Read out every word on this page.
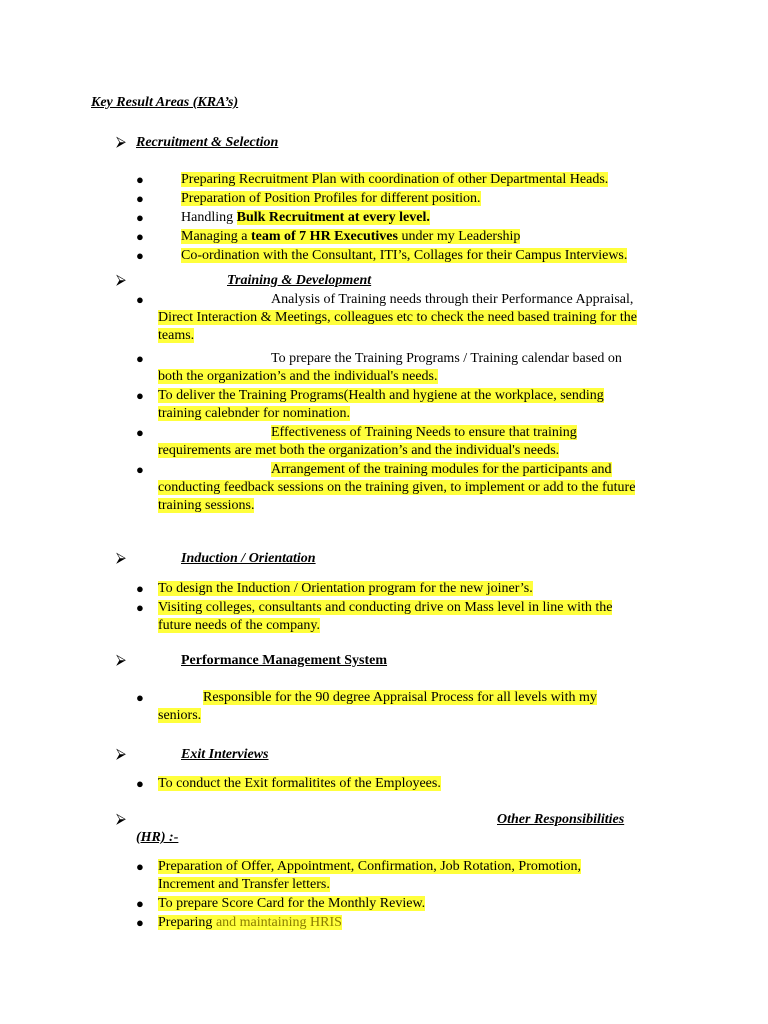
Key Result Areas (KRA’s)
⮚ Recruitment & Selection
●	Preparing Recruitment Plan with coordination of other Departmental Heads.
●	Preparation of Position Profiles for different position.
●	Handling Bulk Recruitment at every level.
●	Managing a team of 7 HR Executives under my Leadership
●	Co-ordination with the Consultant, ITI’s, Collages for their Campus Interviews.
⮚	Training & Development
●	Analysis of Training needs through their Performance Appraisal,
Direct Interaction & Meetings, colleagues etc to check the need based training for the
teams.
●	To prepare the Training Programs / Training calendar based on
both the organization’s and the individual's needs.
● To deliver the Training Programs(Health and hygiene at the workplace, sending
training calebnder for nomination.
●	Effectiveness of Training Needs to ensure that training
requirements are met both the organization’s and the individual's needs.
●	Arrangement of the training modules for the participants and
conducting feedback sessions on the training given, to implement or add to the future
training sessions.
⮚	Induction / Orientation
● To design the Induction / Orientation program for the new joiner’s.
● Visiting colleges, consultants and conducting drive on Mass level in line with the
future needs of the company.
⮚	Performance Management System
●	Responsible for the 90 degree Appraisal Process for all levels with my
seniors.
⮚	Exit Interviews
● To conduct the Exit formalitites of the Employees.
⮚	Other Responsibilities
(HR) :-
● Preparation of Offer, Appointment, Confirmation, Job Rotation, Promotion,
Increment and Transfer letters.
● To prepare Score Card for the Monthly Review.
● Preparing and maintaining HRIS
